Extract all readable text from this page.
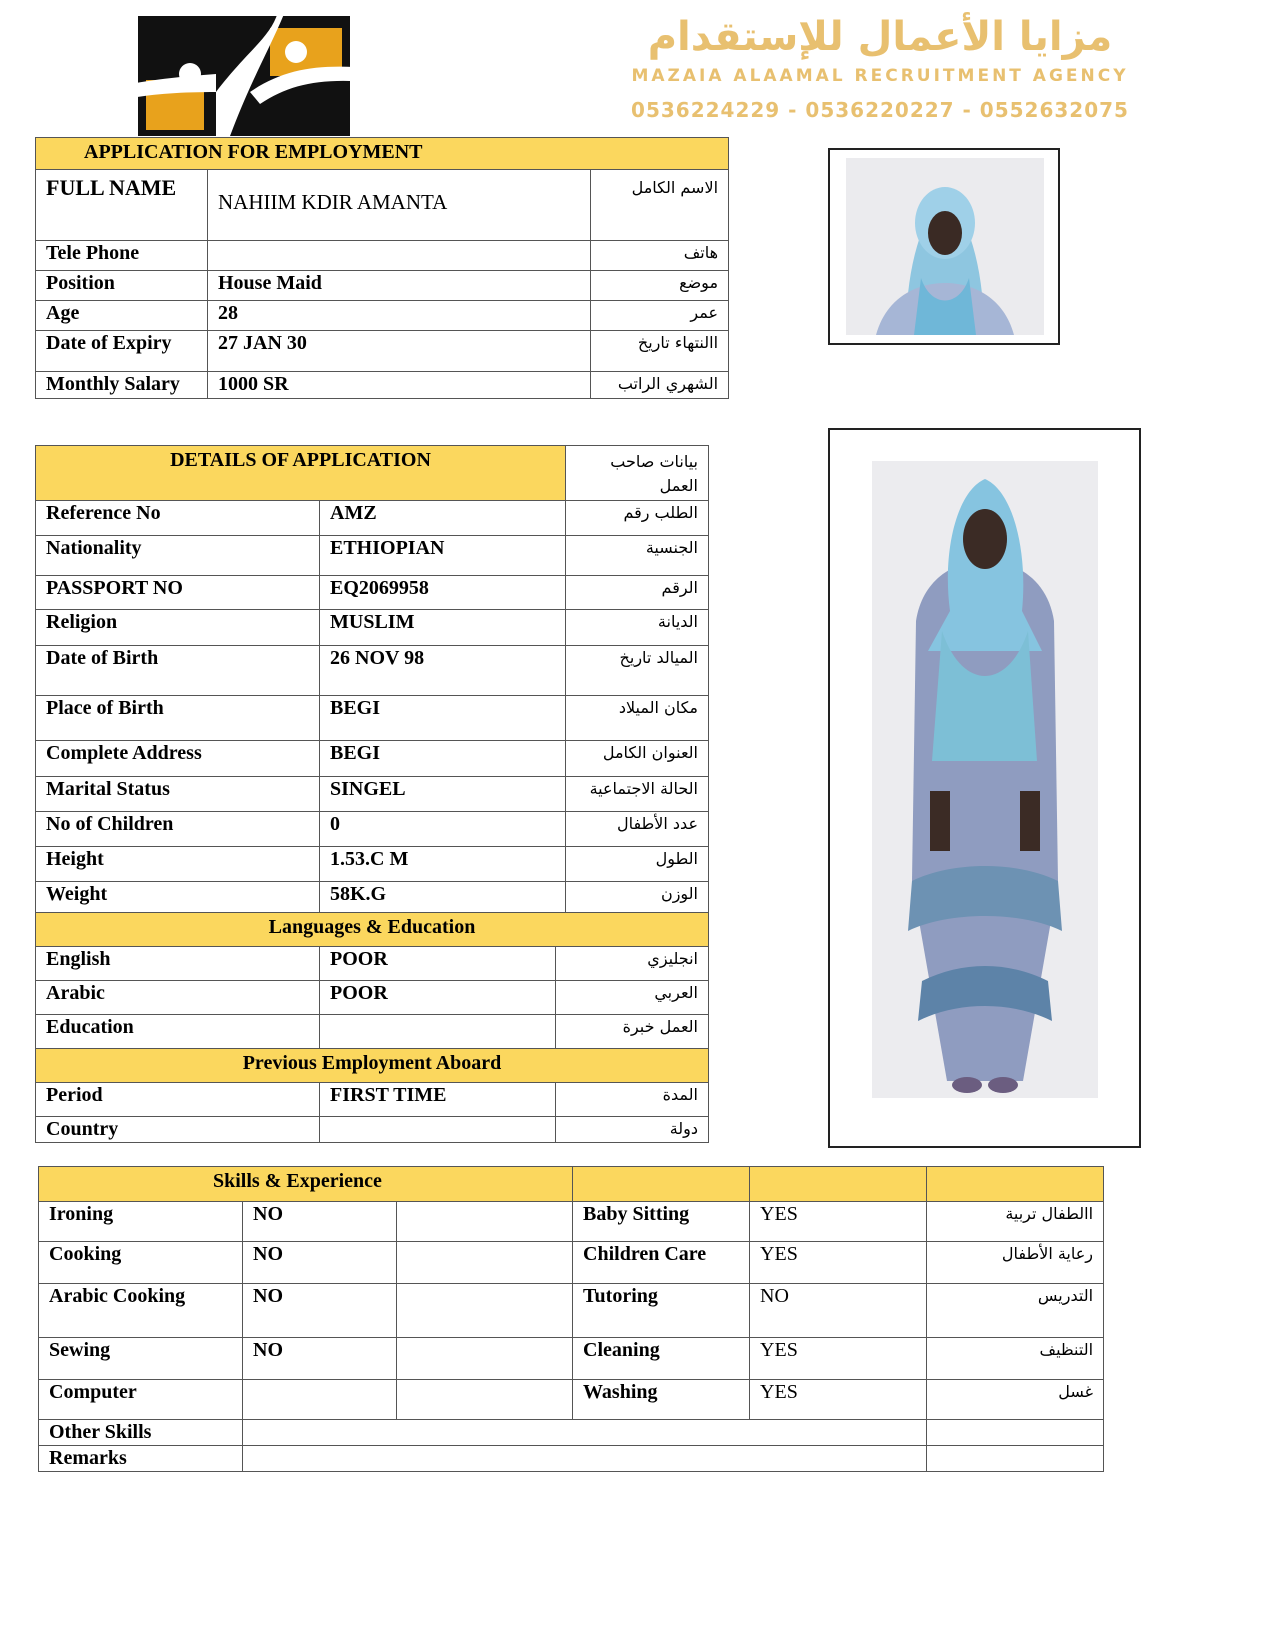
مزايا الأعمال للإستقدام
MAZAIA ALAAMAL RECRUITMENT AGENCY
0536224229 - 0536220227 - 0552632075
APPLICATION FOR EMPLOYMENT		
FULL NAME	NAHIIM KDIR AMANTA	الاسم الكامل
Tele Phone		هاتف
Position	House Maid	موضع
Age	28	عمر
Date of Expiry	27 JAN 30	االنتهاء تاريخ
Monthly Salary	1000 SR	الشهري الراتب
DETAILS OF APPLICATION		بيانات صاحب العمل
Reference No	AMZ	الطلب رقم
Nationality	ETHIOPIAN	الجنسية
PASSPORT NO	EQ2069958	الرقم
Religion	MUSLIM	الديانة
Date of Birth	26 NOV 98	الميالد تاريخ
Place of Birth	BEGI	مكان الميلاد
Complete Address	BEGI	العنوان الكامل
Marital Status	SINGEL	الحالة الاجتماعية
No of Children	0	عدد الأطفال
Height	1.53.C M	الطول
Weight	58K.G	الوزن
Languages & Education		
English	POOR	انجليزي
Arabic	POOR	العربي
Education		العمل خبرة
Previous Employment Aboard		
Period	FIRST TIME	المدة
Country		دولة
Skills & Experience					
Ironing	NO		Baby Sitting	YES	االطفال تربية
Cooking	NO		Children Care	YES	رعاية الأطفال
Arabic Cooking	NO		Tutoring	NO	التدريس
Sewing	NO		Cleaning	YES	التنظيف
Computer			Washing	YES	غسل
Other Skills					
Remarks					
